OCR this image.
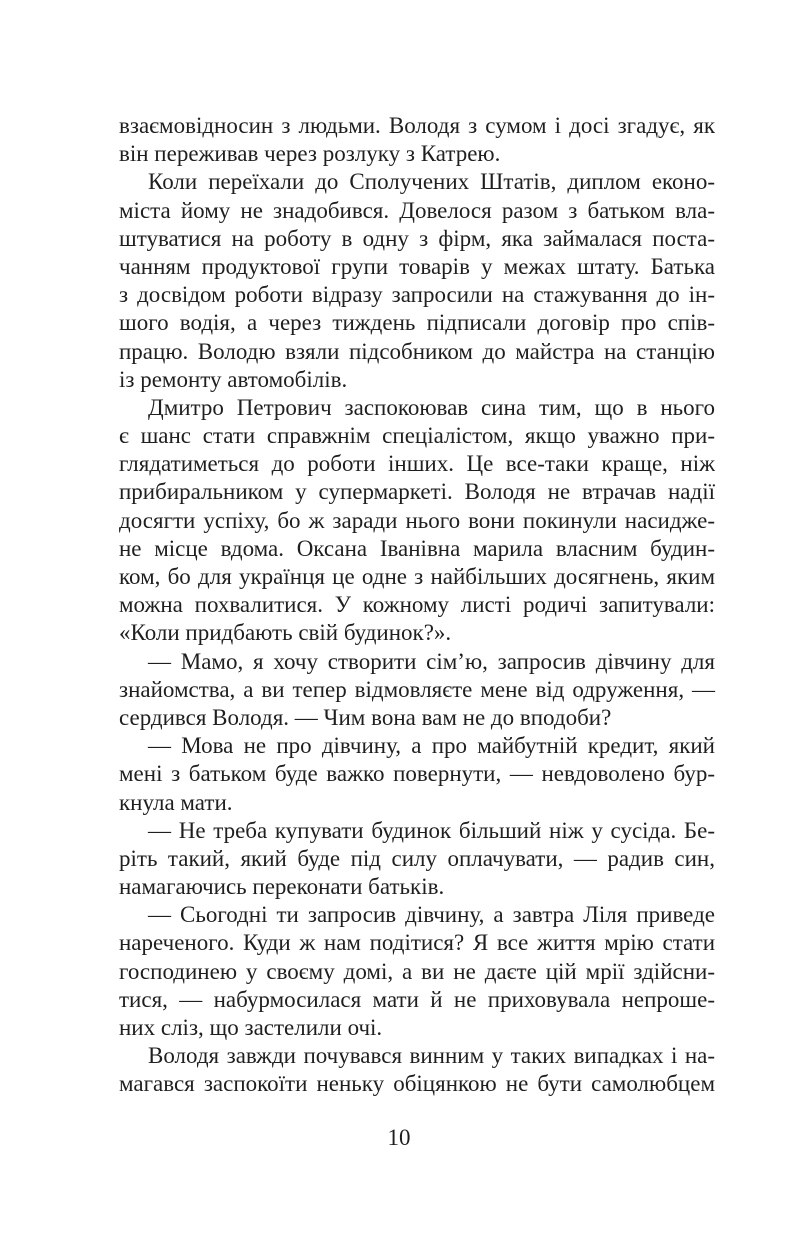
взаємовідносин з людьми. Володя з сумом і досі згадує, як
він переживав через розлуку з Катрею.
Коли переїхали до Сполучених Штатів, диплом еконо-
міста йому не знадобився. Довелося разом з батьком вла-
штуватися на роботу в одну з фірм, яка займалася поста-
чанням продуктової групи товарів у межах штату. Батька
з досвідом роботи відразу запросили на стажування до ін-
шого водія, а через тиждень підписали договір про спів-
працю. Володю взяли підсобником до майстра на станцію
із ремонту автомобілів.
Дмитро Петрович заспокоював сина тим, що в нього
є шанс стати справжнім спеціалістом, якщо уважно при-
глядатиметься до роботи інших. Це все-таки краще, ніж
прибиральником у супермаркеті. Володя не втрачав надії
досягти успіху, бо ж заради нього вони покинули насидже-
не місце вдома. Оксана Іванівна марила власним будин-
ком, бо для українця це одне з найбільших досягнень, яким
можна похвалитися. У кожному листі родичі запитували:
«Коли придбають свій будинок?».
— Мамо, я хочу створити сім’ю, запросив дівчину для
знайомства, а ви тепер відмовляєте мене від одруження, —
сердився Володя. — Чим вона вам не до вподоби?
— Мова не про дівчину, а про майбутній кредит, який
мені з батьком буде важко повернути, — невдоволено бур-
кнула мати.
— Не треба купувати будинок більший ніж у сусіда. Бе-
ріть такий, який буде під силу оплачувати, — радив син,
намагаючись переконати батьків.
— Сьогодні ти запросив дівчину, а завтра Ліля приведе
нареченого. Куди ж нам подітися? Я все життя мрію стати
господинею у своєму домі, а ви не даєте цій мрії здійсни-
тися, — набурмосилася мати й не приховувала непроше-
них сліз, що застелили очі.
Володя завжди почувався винним у таких випадках і на-
магався заспокоїти неньку обіцянкою не бути самолюбцем
10
